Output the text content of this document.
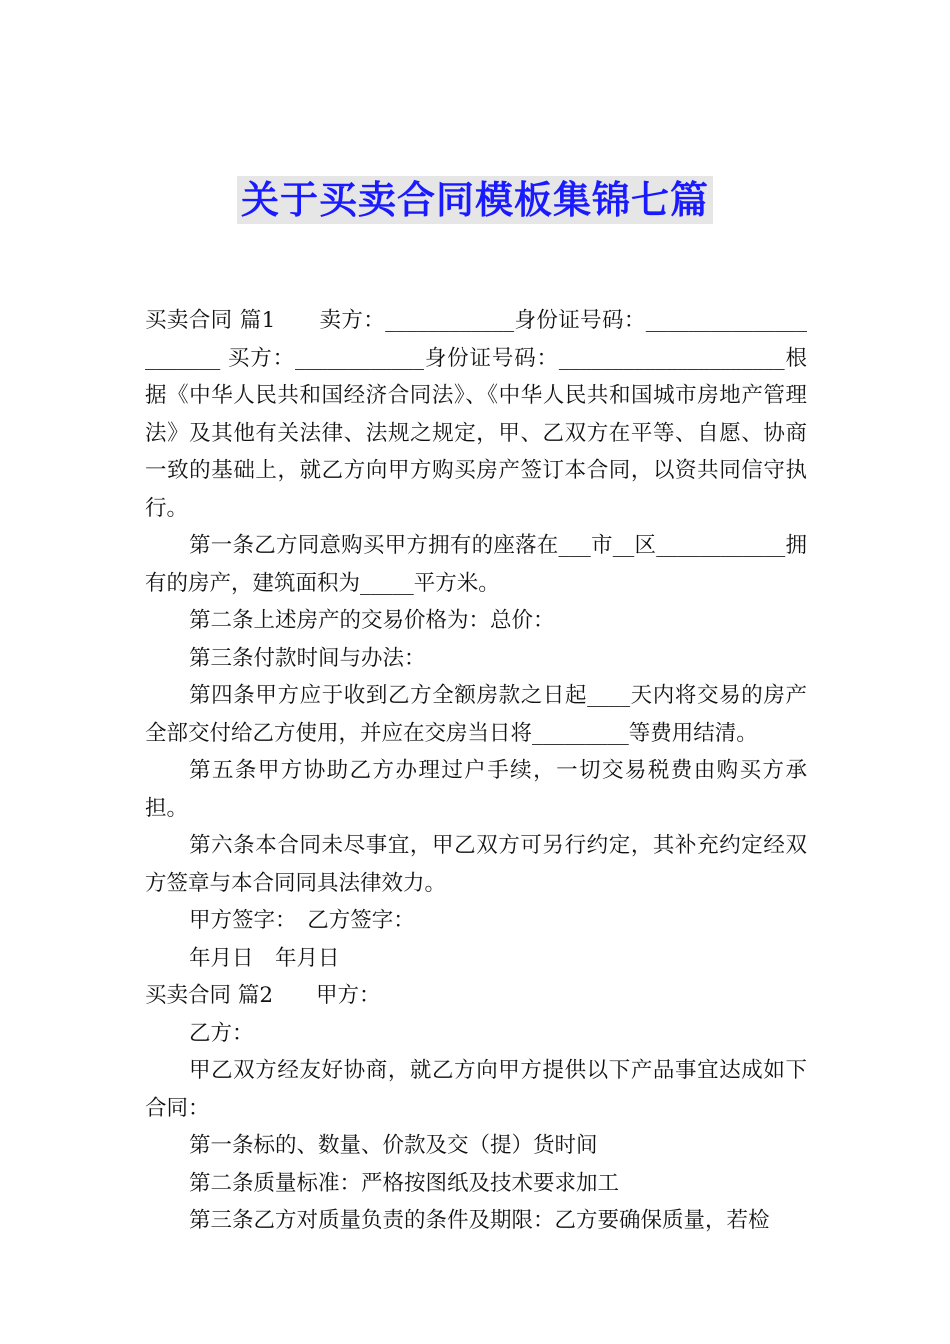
关于买卖合同模板集锦七篇

买卖合同 篇1　　卖方：____________身份证号码：______________________ 买方：____________身份证号码：_____________________根据《中华人民共和国经济合同法》、《中华人民共和国城市房地产管理法》及其他有关法律、法规之规定，甲、乙双方在平等、自愿、协商一致的基础上，就乙方向甲方购买房产签订本合同，以资共同信守执行。

第一条乙方同意购买甲方拥有的座落在___市__区____________拥有的房产，建筑面积为_____平方米。

第二条上述房产的交易价格为：总价：

第三条付款时间与办法：

第四条甲方应于收到乙方全额房款之日起____天内将交易的房产全部交付给乙方使用，并应在交房当日将_________等费用结清。

第五条甲方协助乙方办理过户手续，一切交易税费由购买方承担。

第六条本合同未尽事宜，甲乙双方可另行约定，其补充约定经双方签章与本合同同具法律效力。

甲方签字：　乙方签字：

年月日　年月日

买卖合同 篇2　　甲方：

乙方：

甲乙双方经友好协商，就乙方向甲方提供以下产品事宜达成如下合同：

第一条标的、数量、价款及交（提）货时间

第二条质量标准：严格按图纸及技术要求加工

第三条乙方对质量负责的条件及期限：乙方要确保质量，若检
